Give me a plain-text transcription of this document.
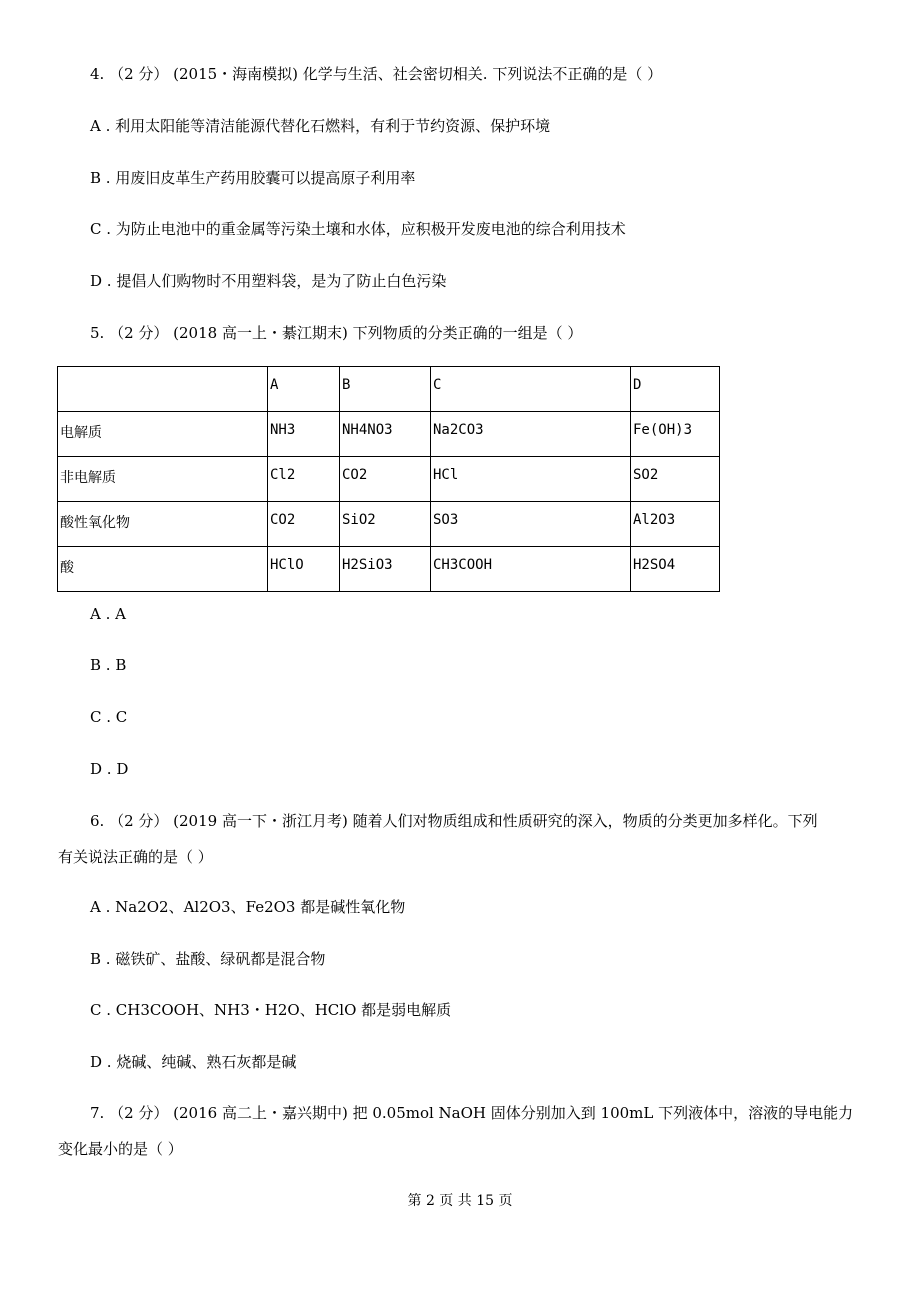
4. （2 分） (2015・海南模拟) 化学与生活、社会密切相关. 下列说法不正确的是（ ）
A . 利用太阳能等清洁能源代替化石燃料，有利于节约资源、保护环境
B . 用废旧皮革生产药用胶囊可以提高原子利用率
C . 为防止电池中的重金属等污染土壤和水体，应积极开发废电池的综合利用技术
D . 提倡人们购物时不用塑料袋，是为了防止白色污染
5. （2 分） (2018 高一上・綦江期末) 下列物质的分类正确的一组是（ ）
	A	B	C	D
电解质	NH3	NH4NO3	Na2CO3	Fe(OH)3
非电解质	Cl2	CO2	HCl	SO2
酸性氧化物	CO2	SiO2	SO3	Al2O3
酸	HClO	H2SiO3	CH3COOH	H2SO4
A . A
B . B
C . C
D . D
6. （2 分） (2019 高一下・浙江月考) 随着人们对物质组成和性质研究的深入，物质的分类更加多样化。下列
有关说法正确的是（ ）
A . Na2O2、Al2O3、Fe2O3 都是碱性氧化物
B . 磁铁矿、盐酸、绿矾都是混合物
C . CH3COOH、NH3・H2O、HClO 都是弱电解质
D . 烧碱、纯碱、熟石灰都是碱
7. （2 分） (2016 高二上・嘉兴期中) 把 0.05mol NaOH 固体分别加入到 100mL 下列液体中，溶液的导电能力
变化最小的是（ ）
第 2 页 共 15 页
